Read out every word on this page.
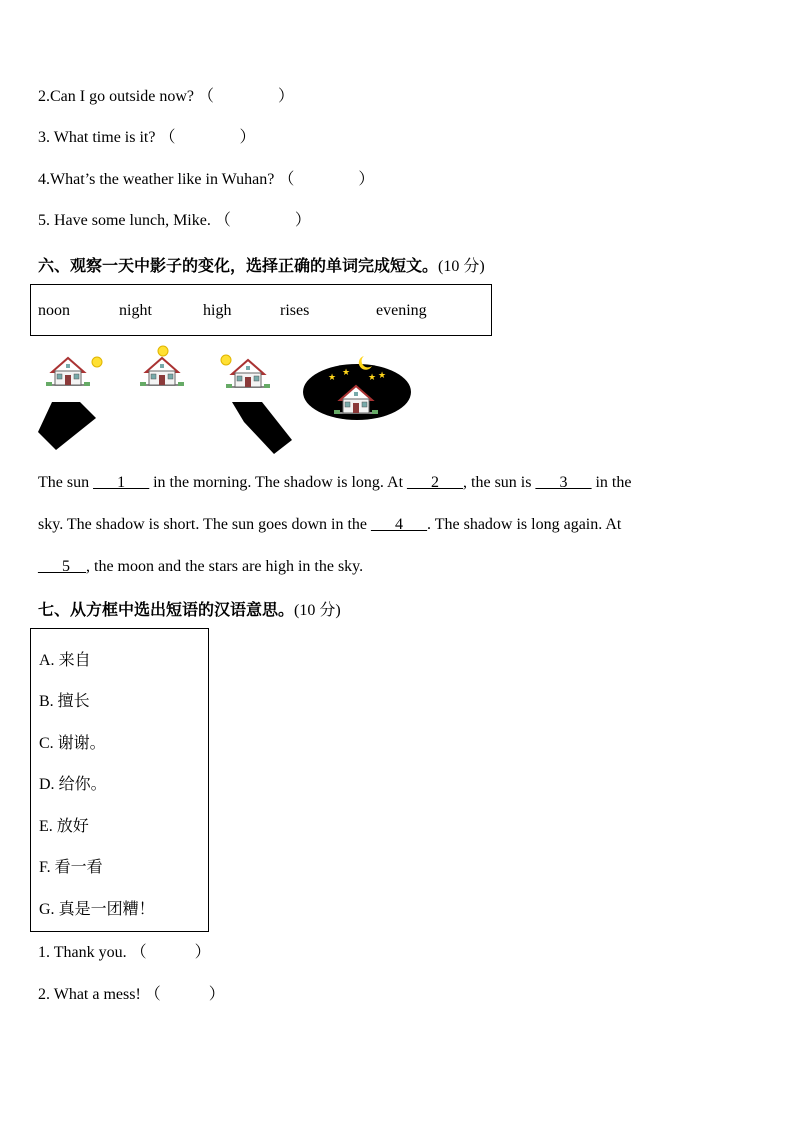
2.Can I go outside now? （　　　　）
3. What time is it? （　　　　）
4.What’s the weather like in Wuhan? （　　　　）
5. Have some lunch, Mike. （　　　　）
六、观察一天中影子的变化，选择正确的单词完成短文。(10 分)
noon	night	high	rises	evening
★ ★ ★ ★
The sun ___1___ in the morning. The shadow is long. At ___2___, the sun is ___3___ in the
sky. The shadow is short. The sun goes down in the ___4___. The shadow is long again. At
___5__, the moon and the stars are high in the sky.
七、从方框中选出短语的汉语意思。(10 分)
A. 来自
B. 擅长
C. 谢谢。
D. 给你。
E. 放好
F. 看一看
G. 真是一团糟！
1. Thank you. （　　　）
2. What a mess! （　　　）
